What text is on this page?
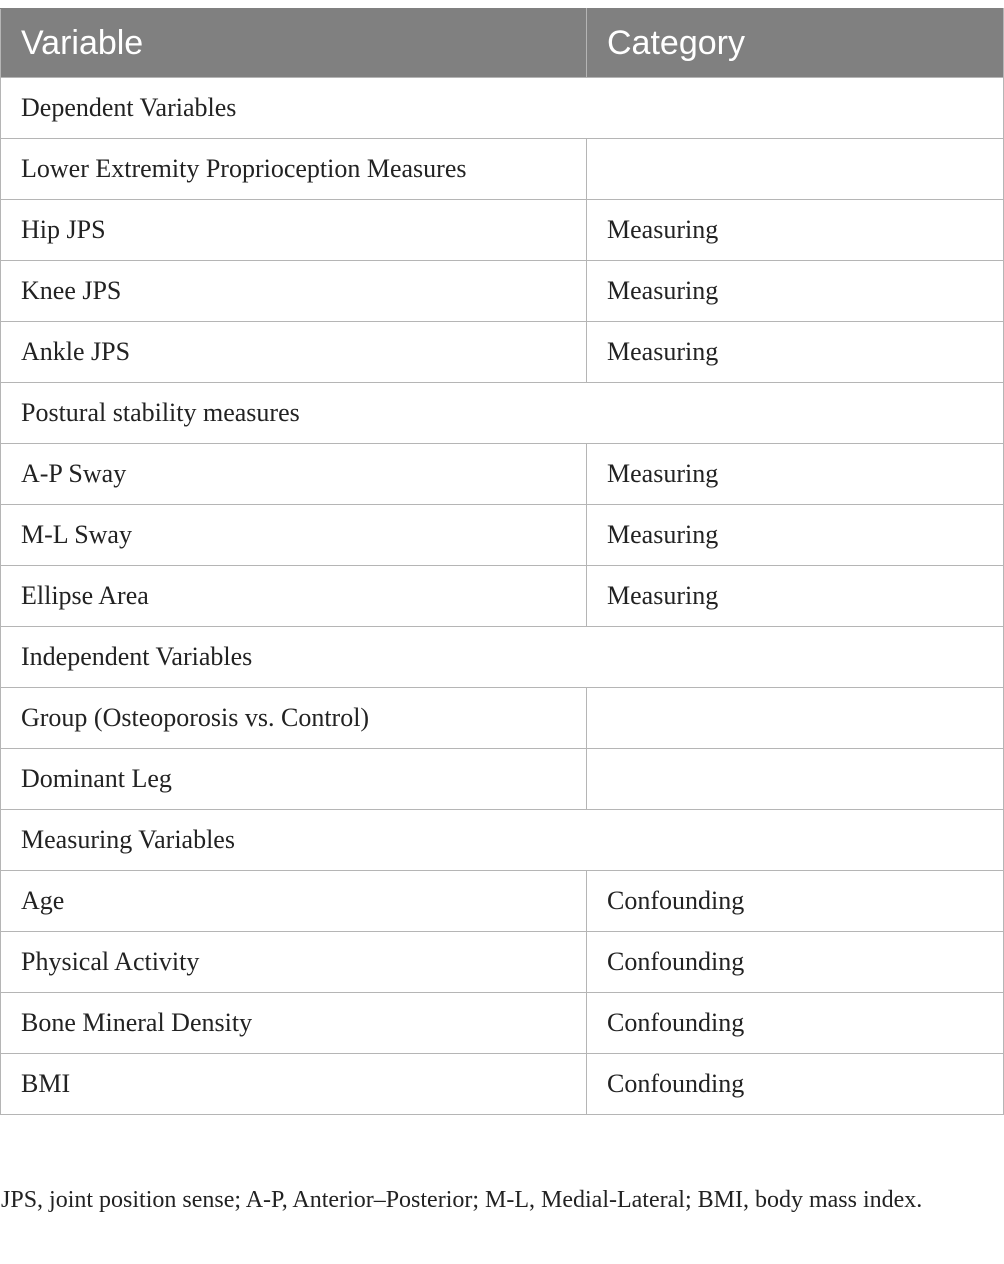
Variable	Category
Dependent Variables	
Lower Extremity Proprioception Measures	
Hip JPS	Measuring
Knee JPS	Measuring
Ankle JPS	Measuring
Postural stability measures	
A-P Sway	Measuring
M-L Sway	Measuring
Ellipse Area	Measuring
Independent Variables	
Group (Osteoporosis vs. Control)	
Dominant Leg	
Measuring Variables	
Age	Confounding
Physical Activity	Confounding
Bone Mineral Density	Confounding
BMI	Confounding
JPS, joint position sense; A-P, Anterior–Posterior; M-L, Medial-Lateral; BMI, body mass index.
